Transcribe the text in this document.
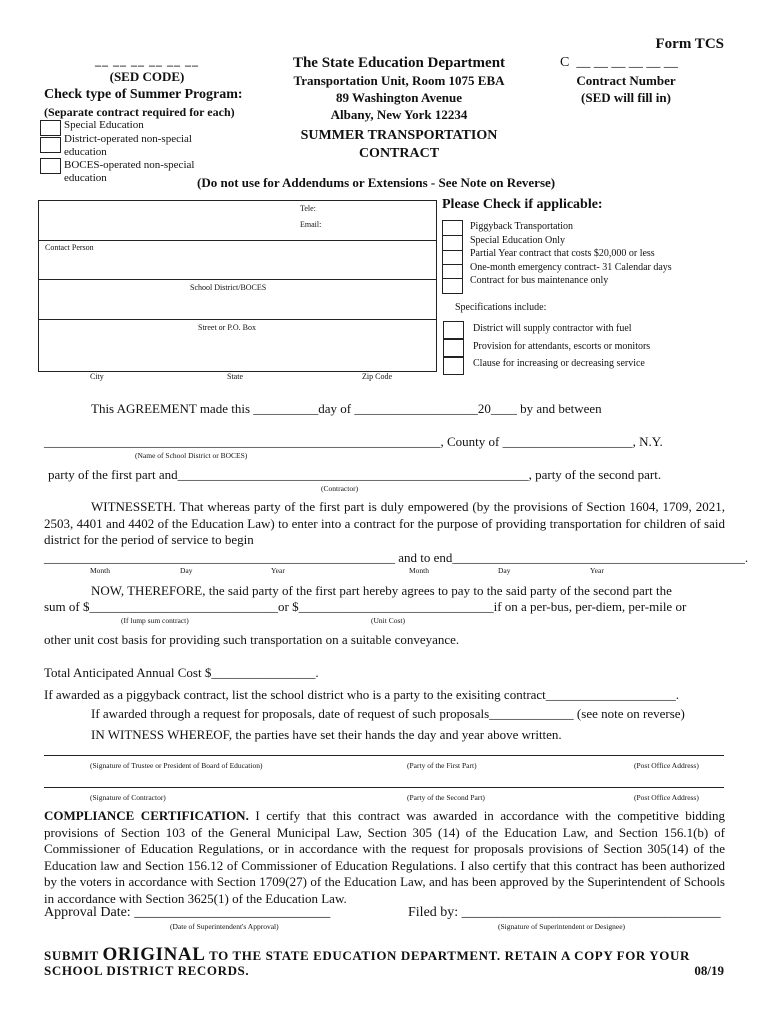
Form TCS
__ __ __ __ __ __
(SED CODE)
Check type of Summer Program:
(Separate contract required for each)
Special Education
District-operated non-special
education
BOCES-operated non-special
education
The State Education Department
Transportation Unit, Room 1075 EBA
89 Washington Avenue
Albany, New York 12234
SUMMER TRANSPORTATION
CONTRACT
C  __ __ __ __ __ __
Contract Number
(SED will fill in)
(Do not use for Addendums or Extensions - See Note on Reverse)
Tele:
Email:
Contact Person
School District/BOCES
Street or P.O. Box
City	State	Zip Code
Please Check if applicable:
Piggyback Transportation
Special Education Only
Partial Year contract that costs $20,000 or less
One-month emergency contract- 31 Calendar days
Contract for bus maintenance only
Specifications include:
District will supply contractor with fuel
Provision for attendants, escorts or monitors
Clause for increasing or decreasing service
This AGREEMENT made this __________day of ___________________20____ by and between
_____________________________________________________________, County of ____________________, N.Y.
(Name of School District or BOCES)
party of the first part and______________________________________________________, party of the second part.
(Contractor)
WITNESSETH. That whereas party of the first part is duly empowered (by the provisions of Section 1604, 1709, 2021, 2503, 4401 and 4402 of the Education Law) to enter into a contract for the purpose of providing transportation for children of said district for the period of service to begin
______________________________________________________ and to end_____________________________________________.
Month	Day	Year	Month	Day	Year
NOW, THEREFORE, the said party of the first part hereby agrees to pay to the said party of the second part the
sum of $_____________________________or $______________________________if on a per-bus, per-diem, per-mile or
(If lump sum contract)	(Unit Cost)
other unit cost basis for providing such transportation on a suitable conveyance.
Total Anticipated Annual Cost $________________.
If awarded as a piggyback contract, list the school district who is a party to the exisiting contract____________________.
If awarded through a request for proposals, date of request of such proposals_____________ (see note on reverse)
IN WITNESS WHEREOF, the parties have set their hands the day and year above written.
(Signature of Trustee or President of Board of Education)	(Party of the First Part)	(Post Office Address)
(Signature of Contractor)	(Party of the Second Part)	(Post Office Address)
COMPLIANCE CERTIFICATION. I certify that this contract was awarded in accordance with the competitive bidding provisions of Section 103 of the General Municipal Law, Section 305 (14) of the Education Law, and Section 156.1(b) of Commissioner of Education Regulations, or in accordance with the request for proposals provisions of Section 305(14) of the Education law and Section 156.12 of Commissioner of Education Regulations. I also certify that this contract has been authorized by the voters in accordance with Section 1709(27) of the Education Law, and has been approved by the Superintendent of Schools in accordance with Section 3625(1) of the Education Law.
Approval Date: ____________________________
(Date of Superintendent's Approval)
Filed by: _____________________________________
(Signature of Superintendent or Designee)
SUBMIT ORIGINAL TO THE STATE EDUCATION DEPARTMENT. RETAIN A COPY FOR YOUR
SCHOOL DISTRICT RECORDS.	08/19
